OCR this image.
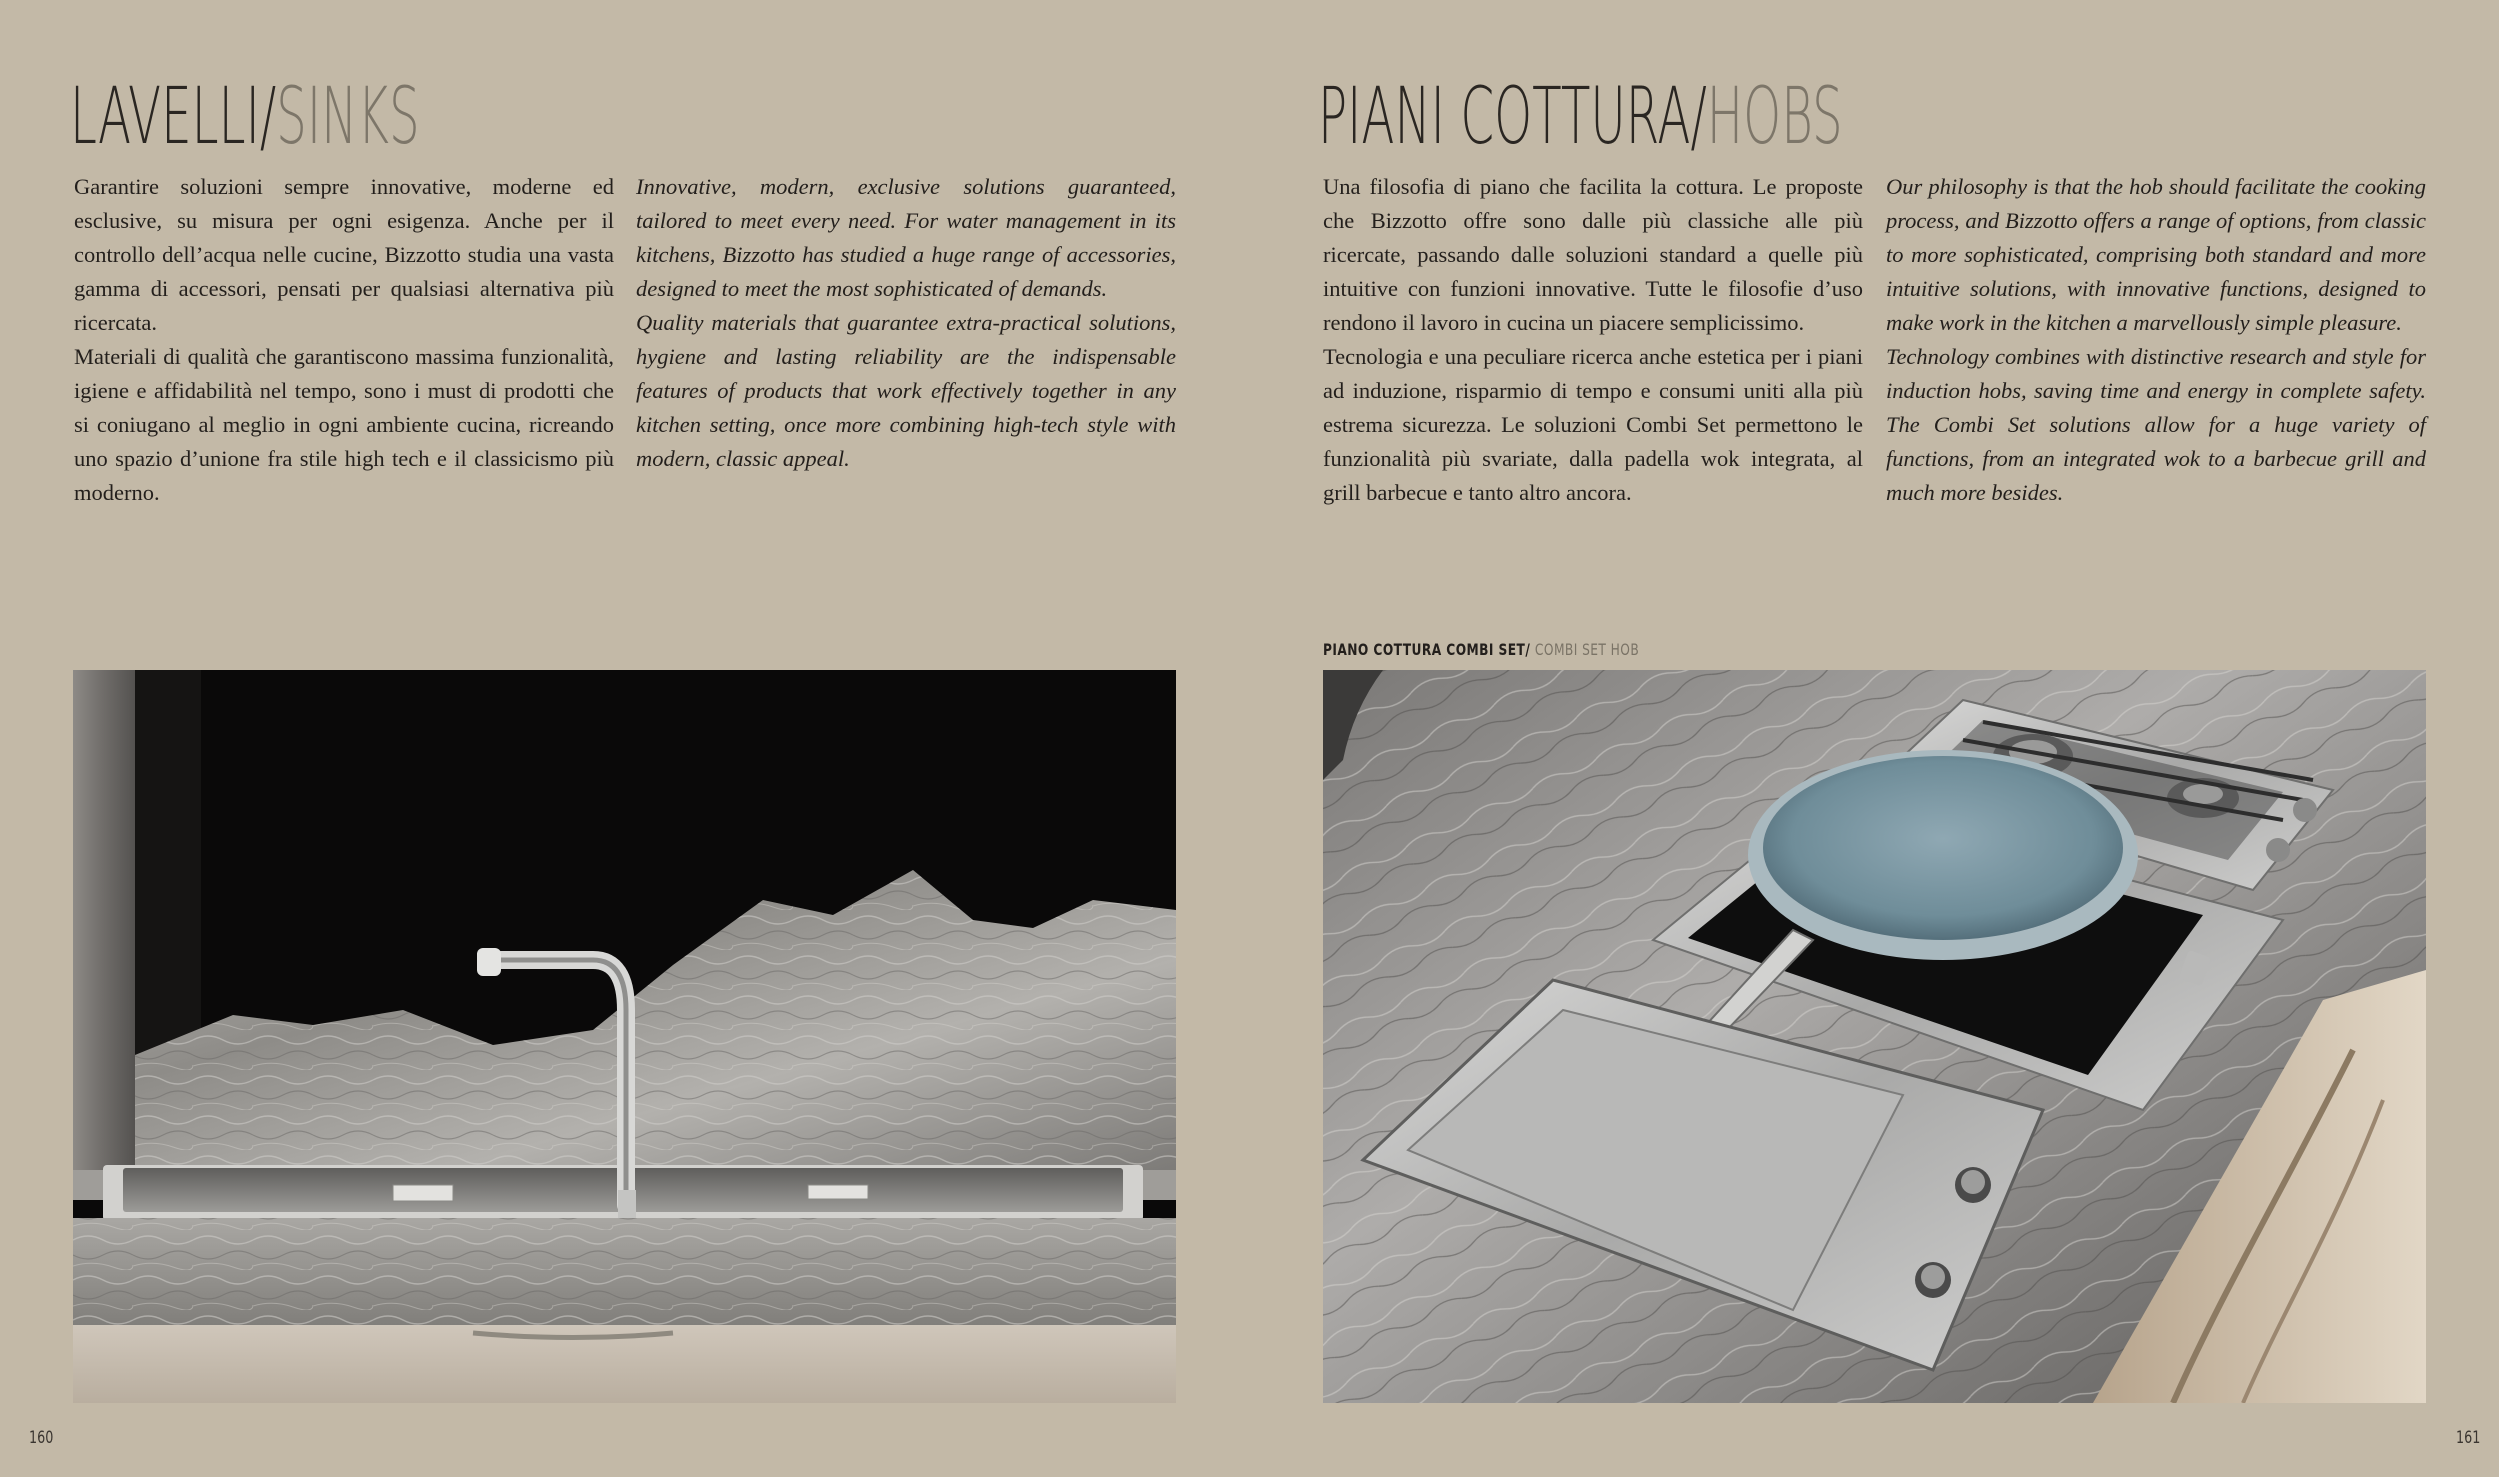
LAVELLI/SINKS

Garantire soluzioni sempre innovative, moderne ed esclusive, su misura per ogni esigenza. Anche per il controllo dell’acqua nelle cucine, Bizzotto studia una vasta gamma di accessori, pensati per qualsiasi alternativa più ricercata.

Materiali di qualità che garantiscono massima funzionalità, igiene e affidabilità nel tempo, sono i must di prodotti che si coniugano al meglio in ogni ambiente cucina, ricreando uno spazio d’unione fra stile high tech e il classicismo più moderno.

Innovative, modern, exclusive solutions guaranteed, tailored to meet every need. For water management in its kitchens, Bizzotto has studied a huge range of accessories, designed to meet the most sophisticated of demands.

Quality materials that guarantee extra-practical solutions, hygiene and lasting reliability are the indispensable features of products that work effectively together in any kitchen setting, once more combining high-tech style with modern, classic appeal.

PIANI COTTURA/HOBS

Una filosofia di piano che facilita la cottura. Le proposte che Bizzotto offre sono dalle più classiche alle più ricercate, passando dalle soluzioni standard a quelle più intuitive con funzioni innovative. Tutte le filosofie d’uso rendono il lavoro in cucina un piacere semplicissimo.

Tecnologia e una peculiare ricerca anche estetica per i piani ad induzione, risparmio di tempo e consumi uniti alla più estrema sicurezza. Le soluzioni Combi Set permettono le funzionalità più svariate, dalla padella wok integrata, al grill barbecue e tanto altro ancora.

Our philosophy is that the hob should facilitate the cooking process, and Bizzotto offers a range of options, from classic to more sophisticated, comprising both standard and more intuitive solutions, with innovative functions, designed to make work in the kitchen a marvellously simple pleasure.

Technology combines with distinctive research and style for induction hobs, saving time and energy in complete safety. The Combi Set solutions allow for a huge variety of functions, from an integrated wok to a barbecue grill and much more besides.

PIANO COTTURA COMBI SET/ COMBI SET HOB
160	161
